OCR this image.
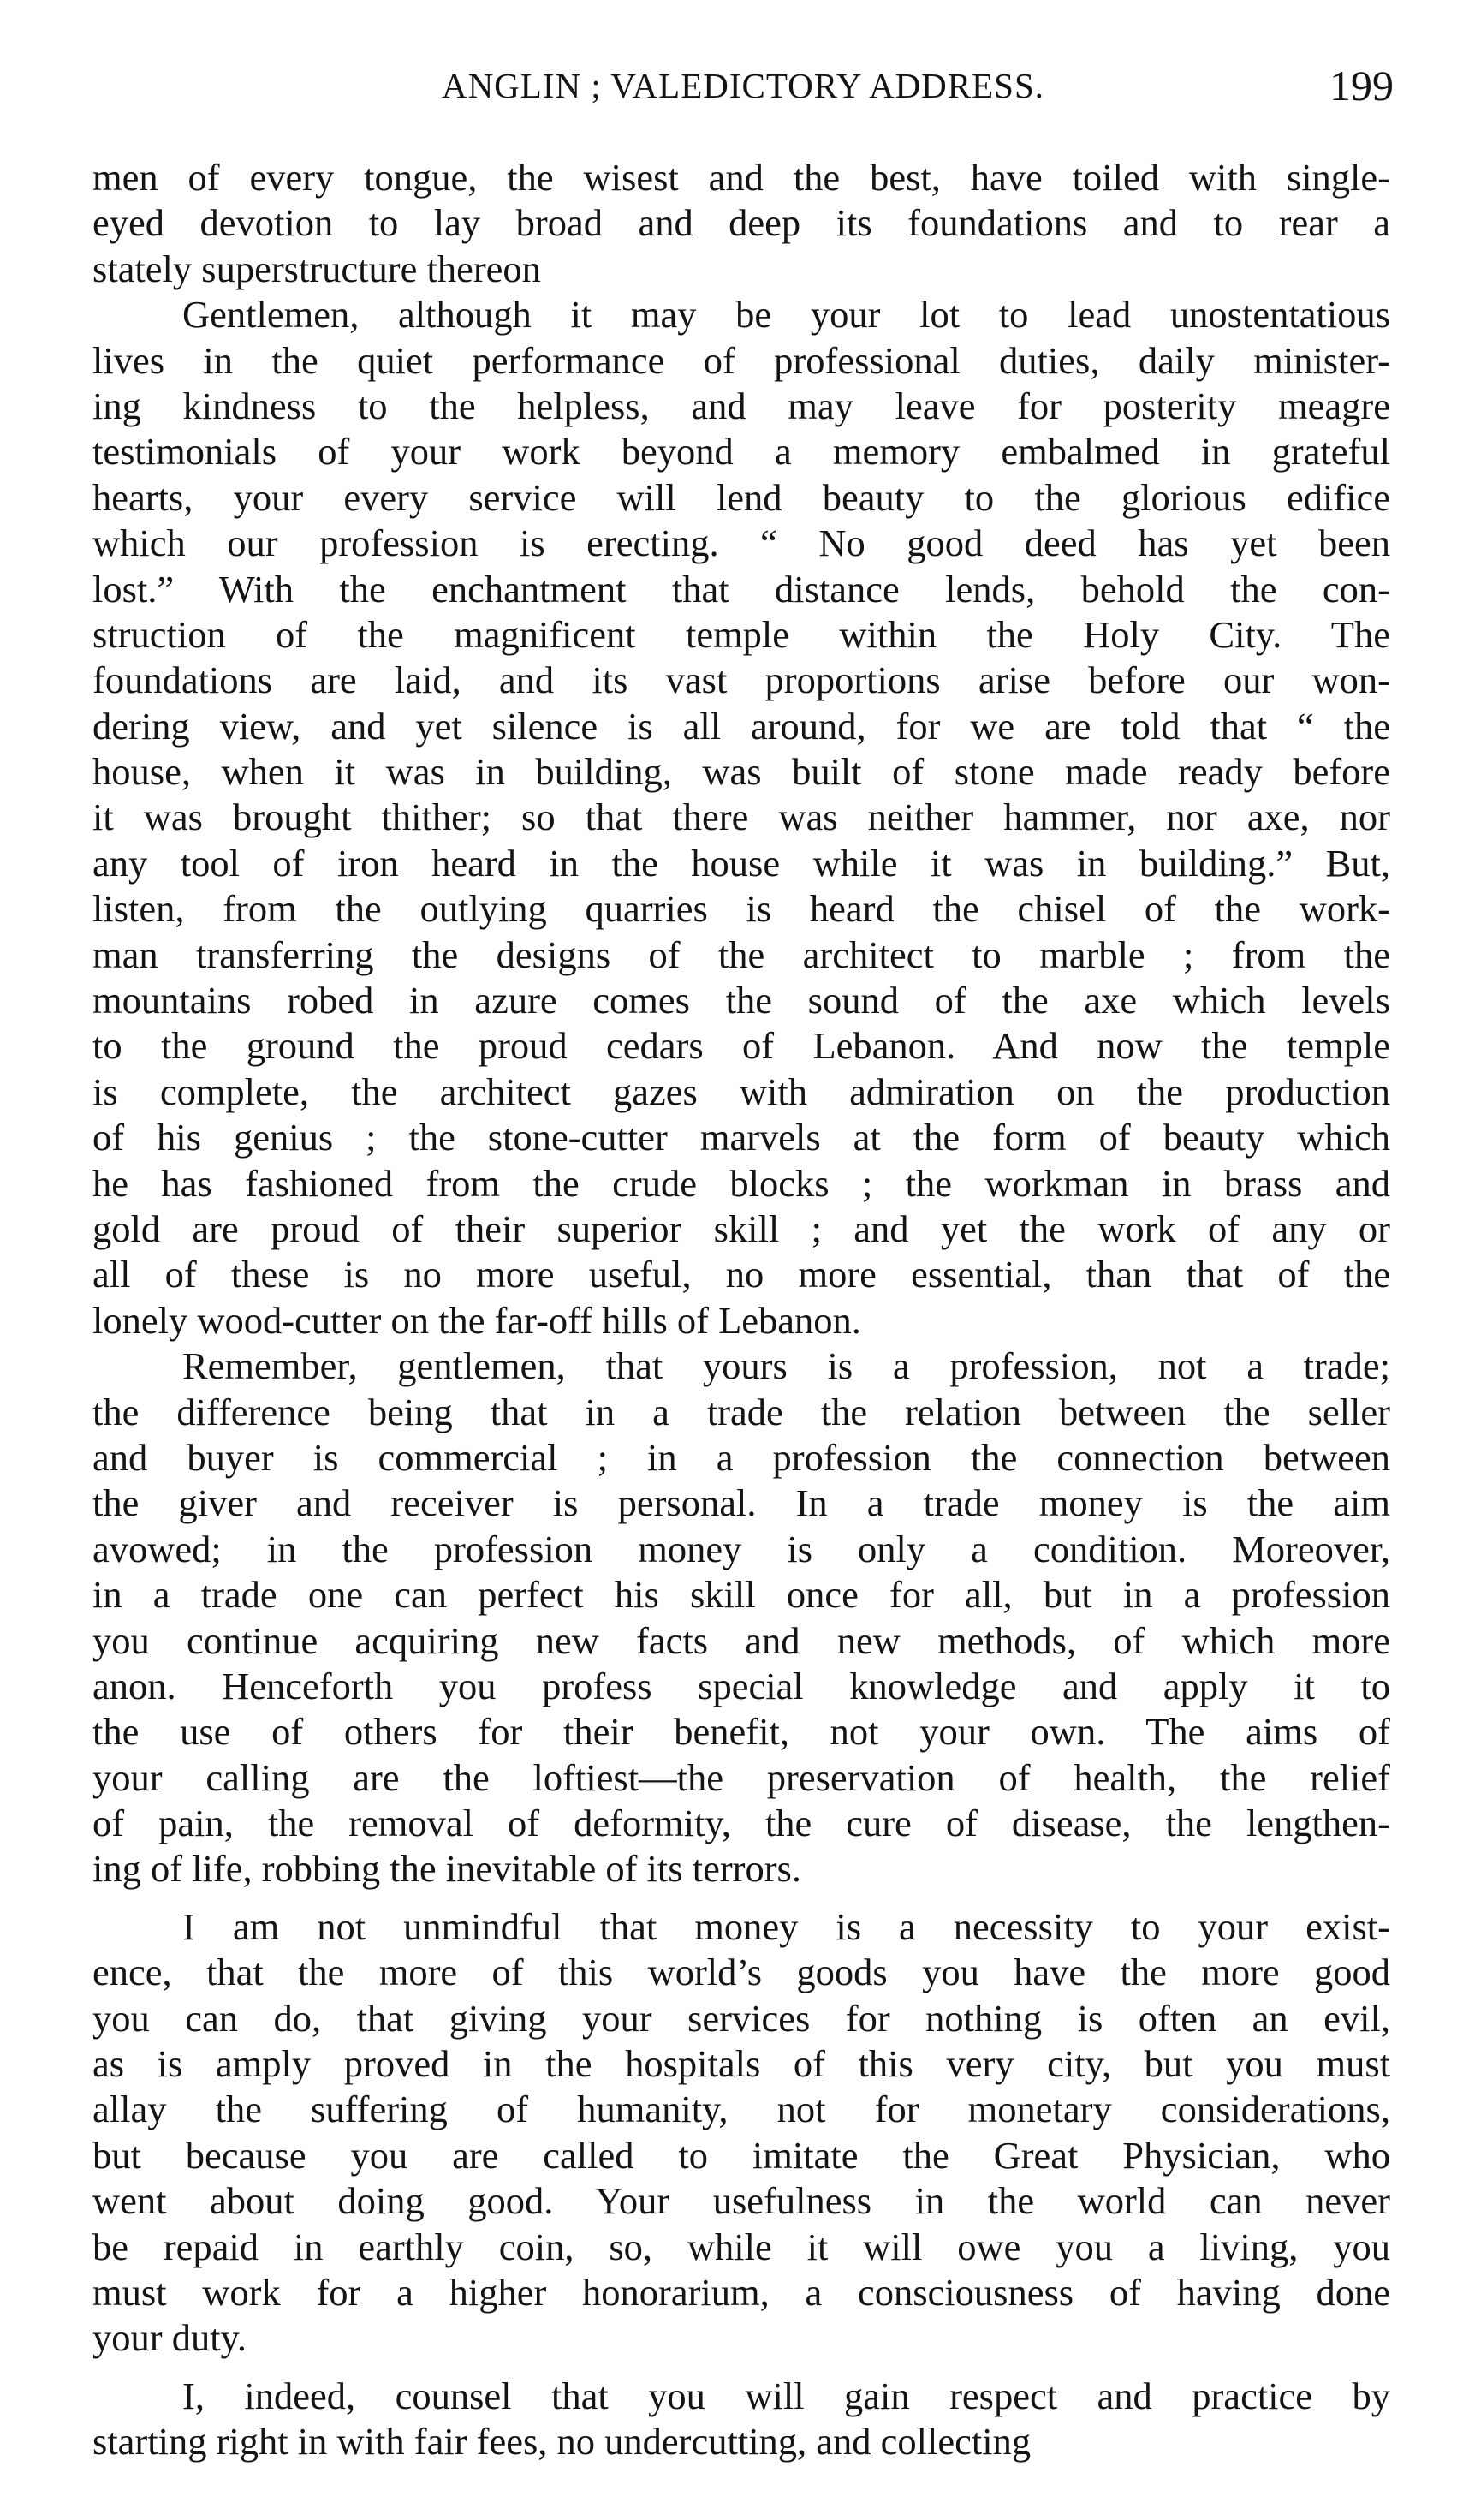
ANGLIN ; VALEDICTORY ADDRESS.	199
men of every tongue, the wisest and the best, have toiled with single-
eyed devotion to lay broad and deep its foundations and to rear a
stately superstructure thereon
Gentlemen, although it may be your lot to lead unostentatious
lives in the quiet performance of professional duties, daily minister-
ing kindness to the helpless, and may leave for posterity meagre
testimonials of your work beyond a memory embalmed in grateful
hearts, your every service will lend beauty to the glorious edifice
which our profession is erecting. “ No good deed has yet been
lost.” With the enchantment that distance lends, behold the con-
struction of the magnificent temple within the Holy City. The
foundations are laid, and its vast proportions arise before our won-
dering view, and yet silence is all around, for we are told that “ the
house, when it was in building, was built of stone made ready before
it was brought thither; so that there was neither hammer, nor axe, nor
any tool of iron heard in the house while it was in building.” But,
listen, from the outlying quarries is heard the chisel of the work-
man transferring the designs of the architect to marble ; from the
mountains robed in azure comes the sound of the axe which levels
to the ground the proud cedars of Lebanon. And now the temple
is complete, the architect gazes with admiration on the production
of his genius ; the stone-cutter marvels at the form of beauty which
he has fashioned from the crude blocks ; the workman in brass and
gold are proud of their superior skill ; and yet the work of any or
all of these is no more useful, no more essential, than that of the
lonely wood-cutter on the far-off hills of Lebanon.
Remember, gentlemen, that yours is a profession, not a trade;
the difference being that in a trade the relation between the seller
and buyer is commercial ; in a profession the connection between
the giver and receiver is personal. In a trade money is the aim
avowed; in the profession money is only a condition. Moreover,
in a trade one can perfect his skill once for all, but in a profession
you continue acquiring new facts and new methods, of which more
anon. Henceforth you profess special knowledge and apply it to
the use of others for their benefit, not your own. The aims of
your calling are the loftiest—the preservation of health, the relief
of pain, the removal of deformity, the cure of disease, the lengthen-
ing of life, robbing the inevitable of its terrors.
I am not unmindful that money is a necessity to your exist-
ence, that the more of this world’s goods you have the more good
you can do, that giving your services for nothing is often an evil,
as is amply proved in the hospitals of this very city, but you must
allay the suffering of humanity, not for monetary considerations,
but because you are called to imitate the Great Physician, who
went about doing good. Your usefulness in the world can never
be repaid in earthly coin, so, while it will owe you a living, you
must work for a higher honorarium, a consciousness of having done
your duty.
I, indeed, counsel that you will gain respect and practice by
starting right in with fair fees, no undercutting, and collecting
